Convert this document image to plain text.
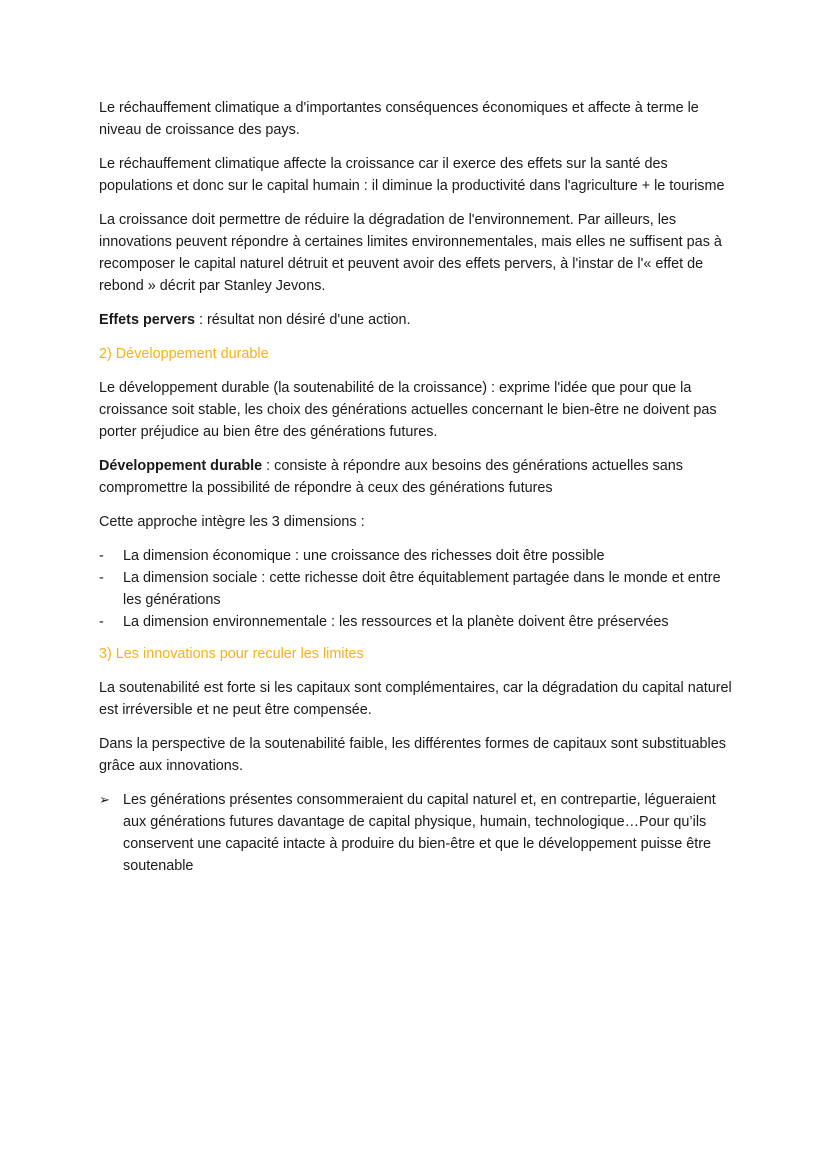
Le réchauffement climatique a d'importantes conséquences économiques et affecte à terme le niveau de croissance des pays.

Le réchauffement climatique affecte la croissance car il exerce des effets sur la santé des populations et donc sur le capital humain : il diminue la productivité dans l'agriculture + le tourisme

La croissance doit permettre de réduire la dégradation de l'environnement. Par ailleurs, les innovations peuvent répondre à certaines limites environnementales, mais elles ne suffisent pas à recomposer le capital naturel détruit et peuvent avoir des effets pervers, à l'instar de l'« effet de rebond » décrit par Stanley Jevons.

Effets pervers : résultat non désiré d'une action.

2) Développement durable

Le développement durable (la soutenabilité de la croissance) : exprime l'idée que pour que la croissance soit stable, les choix des générations actuelles concernant le bien-être ne doivent pas porter préjudice au bien être des générations futures.

Développement durable : consiste à répondre aux besoins des générations actuelles sans compromettre la possibilité de répondre à ceux des générations futures

Cette approche intègre les 3 dimensions :

- La dimension économique : une croissance des richesses doit être possible
- La dimension sociale : cette richesse doit être équitablement partagée dans le monde et entre les générations
- La dimension environnementale : les ressources et la planète doivent être préservées

3) Les innovations pour reculer les limites

La soutenabilité est forte si les capitaux sont complémentaires, car la dégradation du capital naturel est irréversible et ne peut être compensée.

Dans la perspective de la soutenabilité faible, les différentes formes de capitaux sont substituables grâce aux innovations.

➢ Les générations présentes consommeraient du capital naturel et, en contrepartie, légueraient aux générations futures davantage de capital physique, humain, technologique…Pour qu’ils conservent une capacité intacte à produire du bien-être et que le développement puisse être soutenable
